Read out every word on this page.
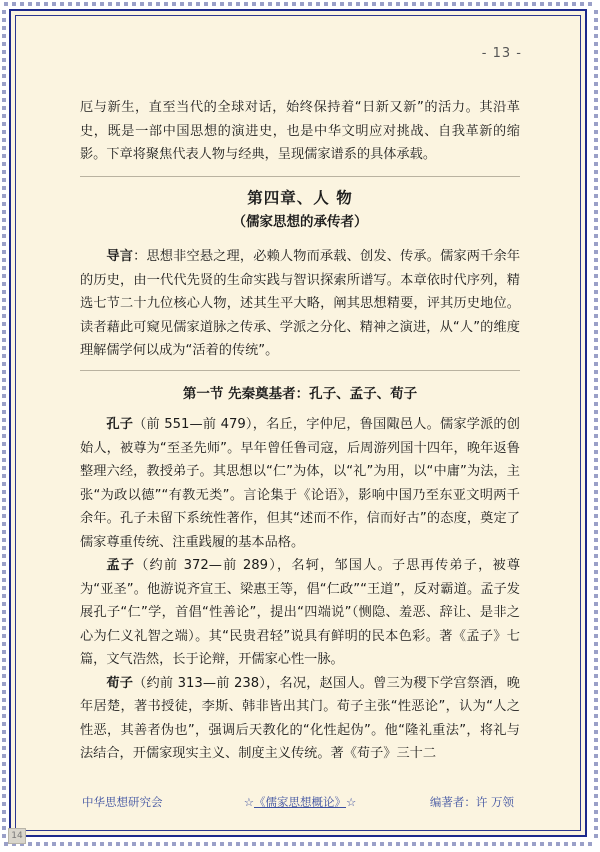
- 13 -

厄与新生，直至当代的全球对话，始终保持着“日新又新”的活力。其沿革史，既是一部中国思想的演进史，也是中华文明应对挑战、自我革新的缩影。下章将聚焦代表人物与经典，呈现儒家谱系的具体承载。

第四章、人 物
（儒家思想的承传者）

导言：思想非空悬之理，必赖人物而承载、创发、传承。儒家两千余年的历史，由一代代先贤的生命实践与智识探索所谱写。本章依时代序列，精选七节二十九位核心人物，述其生平大略，阐其思想精要，评其历史地位。读者藉此可窥见儒家道脉之传承、学派之分化、精神之演进，从“人”的维度理解儒学何以成为“活着的传统”。

第一节 先秦奠基者：孔子、孟子、荀子

孔子（前 551—前 479），名丘，字仲尼，鲁国陬邑人。儒家学派的创始人，被尊为“至圣先师”。早年曾任鲁司寇，后周游列国十四年，晚年返鲁整理六经，教授弟子。其思想以“仁”为体，以“礼”为用，以“中庸”为法，主张“为政以德”“有教无类”。言论集于《论语》，影响中国乃至东亚文明两千余年。孔子未留下系统性著作，但其“述而不作，信而好古”的态度，奠定了儒家尊重传统、注重践履的基本品格。

孟子（约前 372—前 289），名轲，邹国人。子思再传弟子，被尊为“亚圣”。他游说齐宣王、梁惠王等，倡“仁政”“王道”，反对霸道。孟子发展孔子“仁”学，首倡“性善论”，提出“四端说”（恻隐、羞恶、辞让、是非之心为仁义礼智之端）。其“民贵君轻”说具有鲜明的民本色彩。著《孟子》七篇，文气浩然，长于论辩，开儒家心性一脉。

荀子（约前 313—前 238），名况，赵国人。曾三为稷下学宫祭酒，晚年居楚，著书授徒，李斯、韩非皆出其门。荀子主张“性恶论”，认为“人之性恶，其善者伪也”，强调后天教化的“化性起伪”。他“隆礼重法”，将礼与法结合，开儒家现实主义、制度主义传统。著《荀子》三十二

中华思想研究会	☆《儒家思想概论》☆	编著者：许 万领
14
